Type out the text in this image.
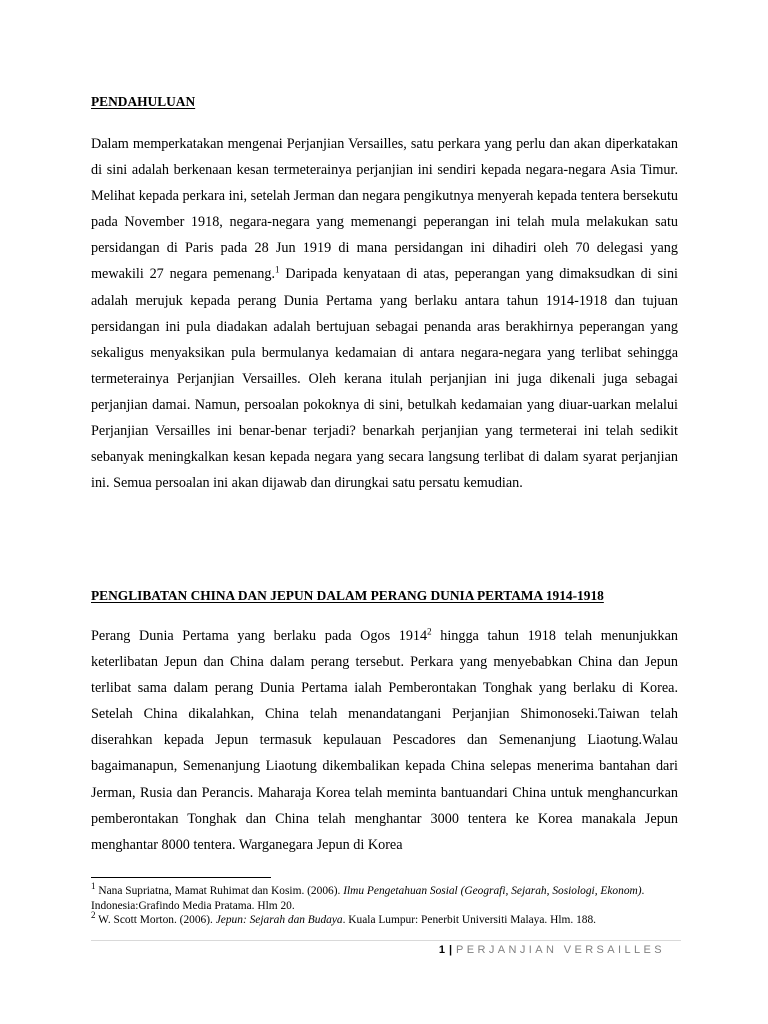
PENDAHULUAN
Dalam memperkatakan mengenai Perjanjian Versailles, satu perkara yang perlu dan akan diperkatakan di sini adalah berkenaan kesan termeterainya perjanjian ini sendiri kepada negara-negara Asia Timur. Melihat kepada perkara ini, setelah Jerman dan negara pengikutnya menyerah kepada tentera bersekutu pada November 1918, negara-negara yang memenangi peperangan ini telah mula melakukan satu persidangan di Paris pada 28 Jun 1919 di mana persidangan ini dihadiri oleh 70 delegasi yang mewakili 27 negara pemenang.$^1$ Daripada kenyataan di atas, peperangan yang dimaksudkan di sini adalah merujuk kepada perang Dunia Pertama yang berlaku antara tahun 1914-1918 dan tujuan persidangan ini pula diadakan adalah bertujuan sebagai penanda aras berakhirnya peperangan yang sekaligus menyaksikan pula bermulanya kedamaian di antara negara-negara yang terlibat sehingga termeterainya Perjanjian Versailles. Oleh kerana itulah perjanjian ini juga dikenali juga sebagai perjanjian damai. Namun, persoalan pokoknya di sini, betulkah kedamaian yang diuar-uarkan melalui Perjanjian Versailles ini benar-benar terjadi? benarkah perjanjian yang termeterai ini telah sedikit sebanyak meningkalkan kesan kepada negara yang secara langsung terlibat di dalam syarat perjanjian ini. Semua persoalan ini akan dijawab dan dirungkai satu persatu kemudian.
PENGLIBATAN CHINA DAN JEPUN DALAM PERANG DUNIA PERTAMA 1914-1918
Perang Dunia Pertama yang berlaku pada Ogos 1914$^2$ hingga tahun 1918 telah menunjukkan keterlibatan Jepun dan China dalam perang tersebut. Perkara yang menyebabkan China dan Jepun terlibat sama dalam perang Dunia Pertama ialah Pemberontakan Tonghak yang berlaku di Korea. Setelah China dikalahkan, China telah menandatangani Perjanjian Shimonoseki.Taiwan telah diserahkan kepada Jepun termasuk kepulauan Pescadores dan Semenanjung Liaotung.Walau bagaimanapun, Semenanjung Liaotung dikembalikan kepada China selepas menerima bantahan dari Jerman, Rusia dan Perancis. Maharaja Korea telah meminta bantuandari China untuk menghancurkan pemberontakan Tonghak dan China telah menghantar 3000 tentera ke Korea manakala Jepun menghantar 8000 tentera. Warganegara Jepun di Korea
$^1$ Nana Supriatna, Mamat Ruhimat dan Kosim. (2006). Ilmu Pengetahuan Sosial (Geografi, Sejarah, Sosiologi, Ekonom). Indonesia:Grafindo Media Pratama. Hlm 20.
$^2$ W. Scott Morton. (2006). Jepun: Sejarah dan Budaya. Kuala Lumpur: Penerbit Universiti Malaya. Hlm. 188.
1 | PERJANJIAN VERSAILLES
